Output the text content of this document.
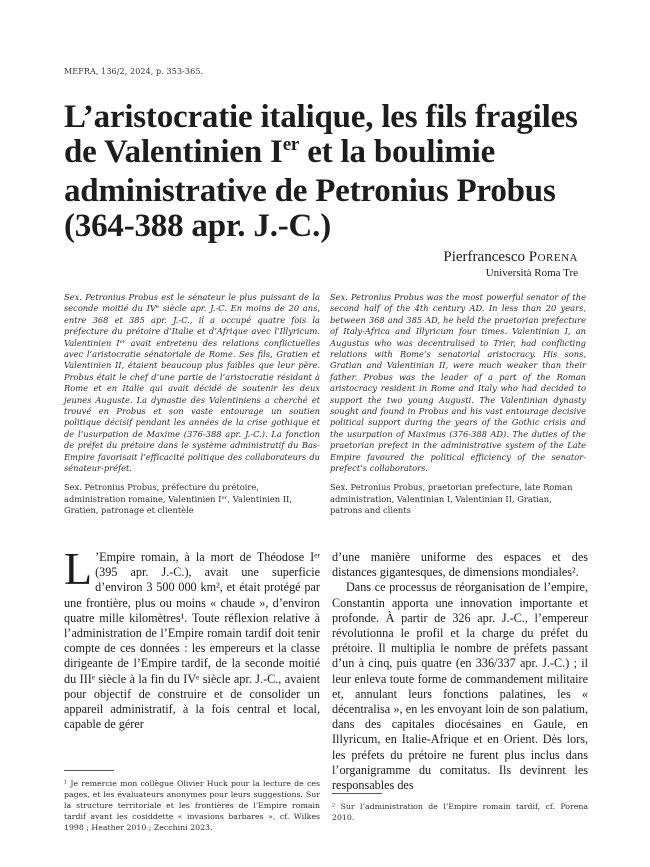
MEFRA, 136/2, 2024, p. 353-365.
L’aristocratie italique, les fils fragiles
de Valentinien Ier et la boulimie
administrative de Petronius Probus
(364-388 apr. J.-C.)
Pierfrancesco Porena
Università Roma Tre

Sex. Petronius Probus est le sénateur le plus puissant de la seconde moitié du IVᵉ siècle apr. J.-C. En moins de 20 ans, entre 368 et 385 apr. J.-C., il a occupé quatre fois la préfecture du prétoire d’Italie et d’Afrique avec l’Illyricum. Valentinien Iᵉʳ avait entretenu des relations conflictuelles avec l’aristocratie sénatoriale de Rome. Ses fils, Gratien et Valentinien II, étaient beaucoup plus faibles que leur père. Probus était le chef d’une partie de l’aristocratie résidant à Rome et en Italie qui avait décidé de soutenir les deux jeunes Auguste. La dynastie des Valentiniens a cherché et trouvé en Probus et son vaste entourage un soutien politique décisif pendant les années de la crise gothique et de l’usurpation de Maxime (376-388 apr. J.-C.). La fonction de préfet du prétoire dans le système administratif du Bas-Empire favorisait l’efficacité politique des collaborateurs du sénateur-préfet.

Sex. Petronius Probus was the most powerful senator of the second half of the 4th century AD. In less than 20 years, between 368 and 385 AD, he held the praetorian prefecture of Italy-Africa and Illyricum four times. Valentinian I, an Augustus who was decentralised to Trier, had conflicting relations with Rome’s senatorial aristocracy. His sons, Gratian and Valentinian II, were much weaker than their father. Probus was the leader of a part of the Roman aristocracy resident in Rome and Italy who had decided to support the two young Augusti. The Valentinian dynasty sought and found in Probus and his vast entourage decisive political support during the years of the Gothic crisis and the usurpation of Maximus (376-388 AD). The duties of the praetorian prefect in the administrative system of the Late Empire favoured the political efficiency of the senator-prefect’s collaborators.

Sex. Petronius Probus, préfecture du prétoire, administration romaine, Valentinien Iᵉʳ, Valentinien II, Gratien, patronage et clientèle

Sex. Petronius Probus, praetorian prefecture, late Roman administration, Valentinian I, Valentinian II, Gratian, patrons and clients

L ’Empire romain, à la mort de Théodose Iᵉʳ (395 apr. J.-C.), avait une superficie d’environ 3 500 000 km², et était protégé par une frontière, plus ou moins « chaude », d’environ quatre mille kilomètres¹. Toute réflexion relative à l’administration de l’Empire romain tardif doit tenir compte de ces données : les empereurs et la classe dirigeante de l’Empire tardif, de la seconde moitié du IIIᵉ siècle à la fin du IVᵉ siècle apr. J.-C., avaient pour objectif de construire et de consolider un appareil administratif, à la fois central et local, capable de gérer

d’une manière uniforme des espaces et des distances gigantesques, de dimensions mondiales².

Dans ce processus de réorganisation de l’empire, Constantin apporta une innovation importante et profonde. À partir de 326 apr. J.-C., l’empereur révolutionna le profil et la charge du préfet du prétoire. Il multiplia le nombre de préfets passant d’un à cinq, puis quatre (en 336/337 apr. J.-C.) ; il leur enleva toute forme de commandement militaire et, annulant leurs fonctions palatines, les « décentralisa », en les envoyant loin de son palatium, dans des capitales diocésaines en Gaule, en Illyricum, en Italie-Afrique et en Orient. Dès lors, les préfets du prétoire ne furent plus inclus dans l’organigramme du comitatus. Ils devinrent les responsables des

¹ Je remercie mon collègue Olivier Huck pour la lecture de ces pages, et les évaluateurs anonymes pour leurs suggestions. Sur la structure territoriale et les frontières de l’Empire romain tardif avant les cosiddette « invasions barbares », cf. Wilkes 1998 ; Heather 2010 ; Zecchini 2023.

² Sur l’administration de l’Empire romain tardif, cf. Porena 2010.
